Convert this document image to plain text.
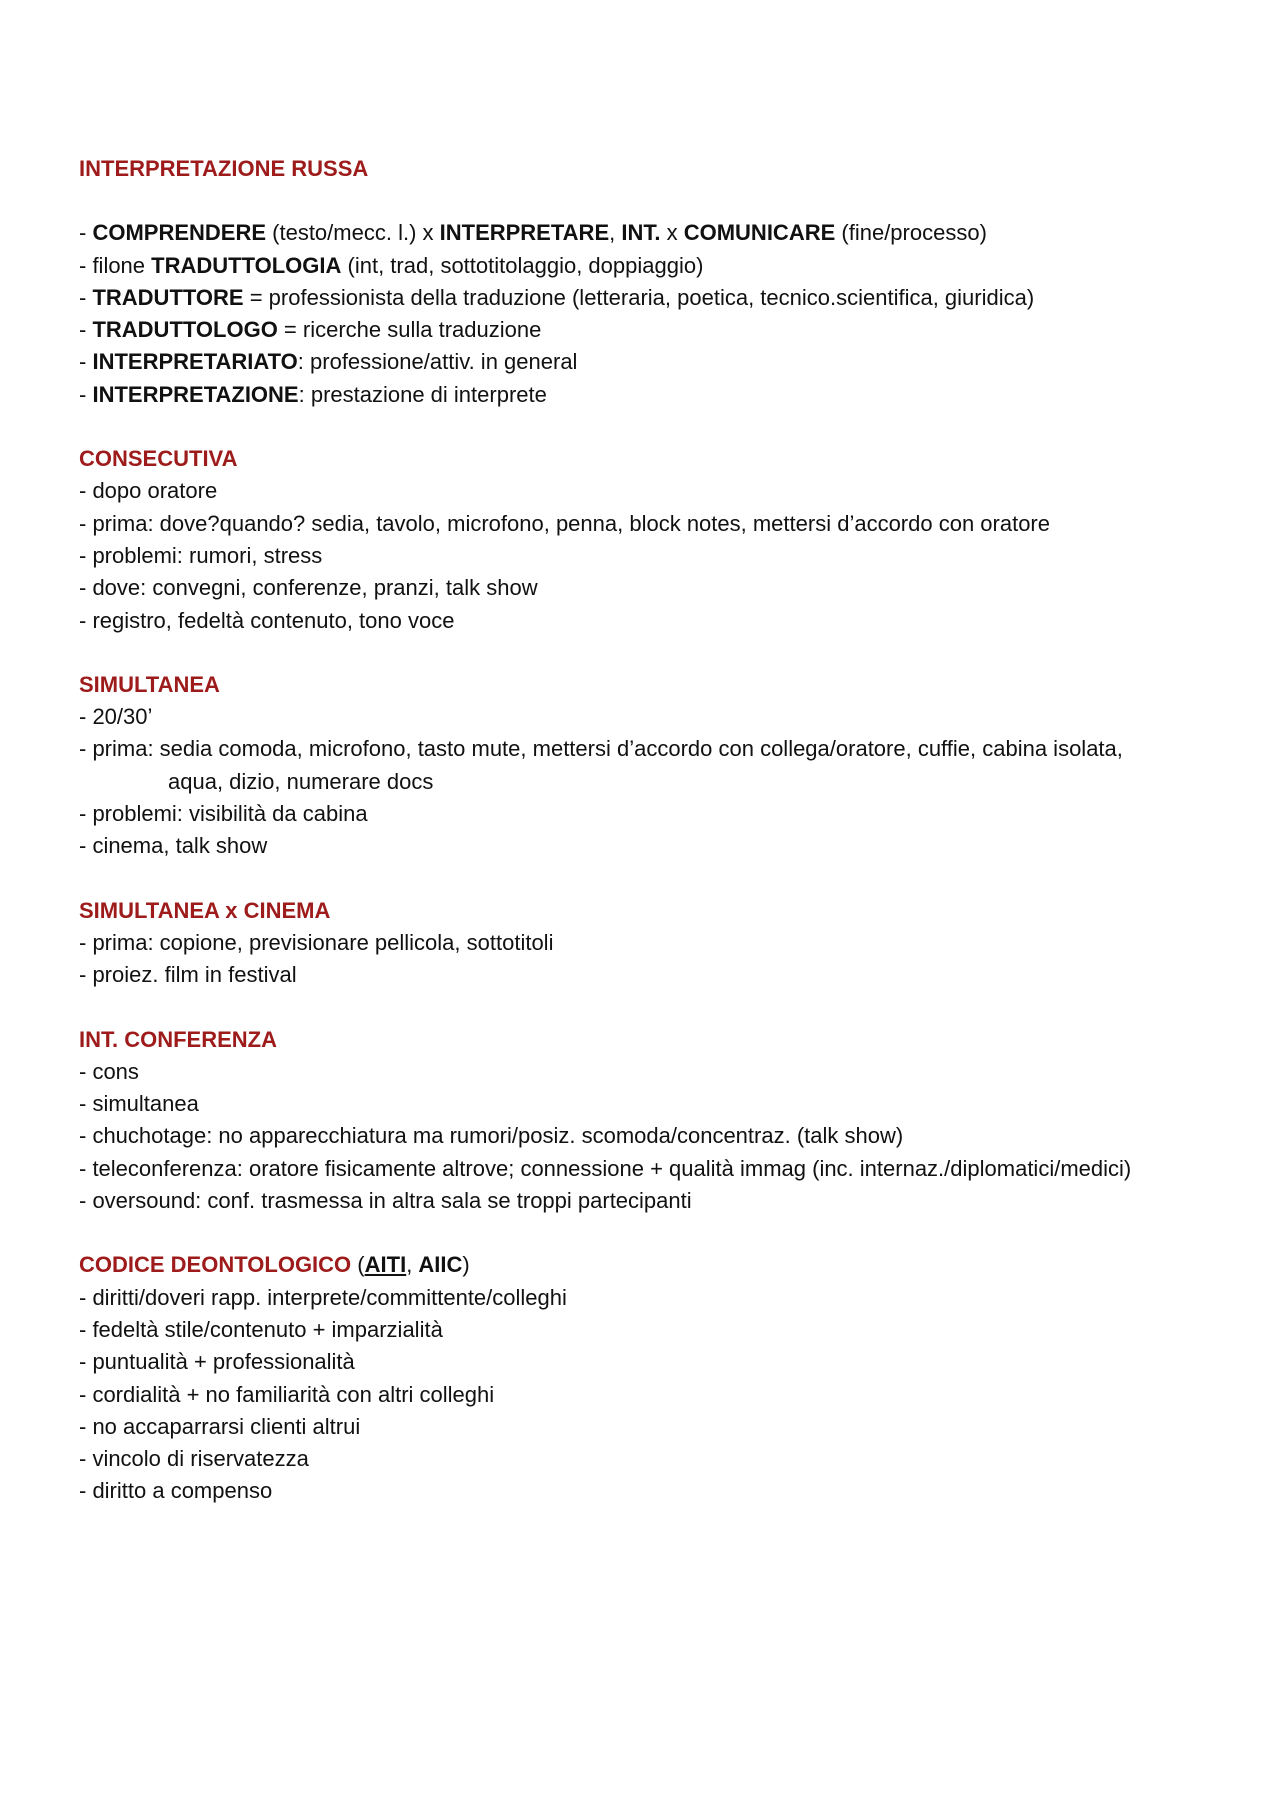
INTERPRETAZIONE RUSSA
- COMPRENDERE (testo/mecc. l.) x INTERPRETARE, INT. x COMUNICARE (fine/processo)
- filone TRADUTTOLOGIA (int, trad, sottotitolaggio, doppiaggio)
- TRADUTTORE = professionista della traduzione (letteraria, poetica, tecnico.scientifica, giuridica)
- TRADUTTOLOGO = ricerche sulla traduzione
- INTERPRETARIATO: professione/attiv. in general
- INTERPRETAZIONE: prestazione di interprete
CONSECUTIVA
- dopo oratore
- prima: dove?quando? sedia, tavolo, microfono, penna, block notes, mettersi d’accordo con oratore
- problemi: rumori, stress
- dove: convegni, conferenze, pranzi, talk show
- registro, fedeltà contenuto, tono voce
SIMULTANEA
- 20/30’
- prima: sedia comoda, microfono, tasto mute, mettersi d’accordo con collega/oratore, cuffie, cabina isolata,
aqua, dizio, numerare docs
- problemi: visibilità da cabina
- cinema, talk show
SIMULTANEA x CINEMA
- prima: copione, previsionare pellicola, sottotitoli
- proiez. film in festival
INT. CONFERENZA
- cons
- simultanea
- chuchotage: no apparecchiatura ma rumori/posiz. scomoda/concentraz. (talk show)
- teleconferenza: oratore fisicamente altrove; connessione + qualità immag (inc. internaz./diplomatici/medici)
- oversound: conf. trasmessa in altra sala se troppi partecipanti
CODICE DEONTOLOGICO (AITI, AIIC)
- diritti/doveri rapp. interprete/committente/colleghi
- fedeltà stile/contenuto + imparzialità
- puntualità + professionalità
- cordialità + no familiarità con altri colleghi
- no accaparrarsi clienti altrui
- vincolo di riservatezza
- diritto a compenso
